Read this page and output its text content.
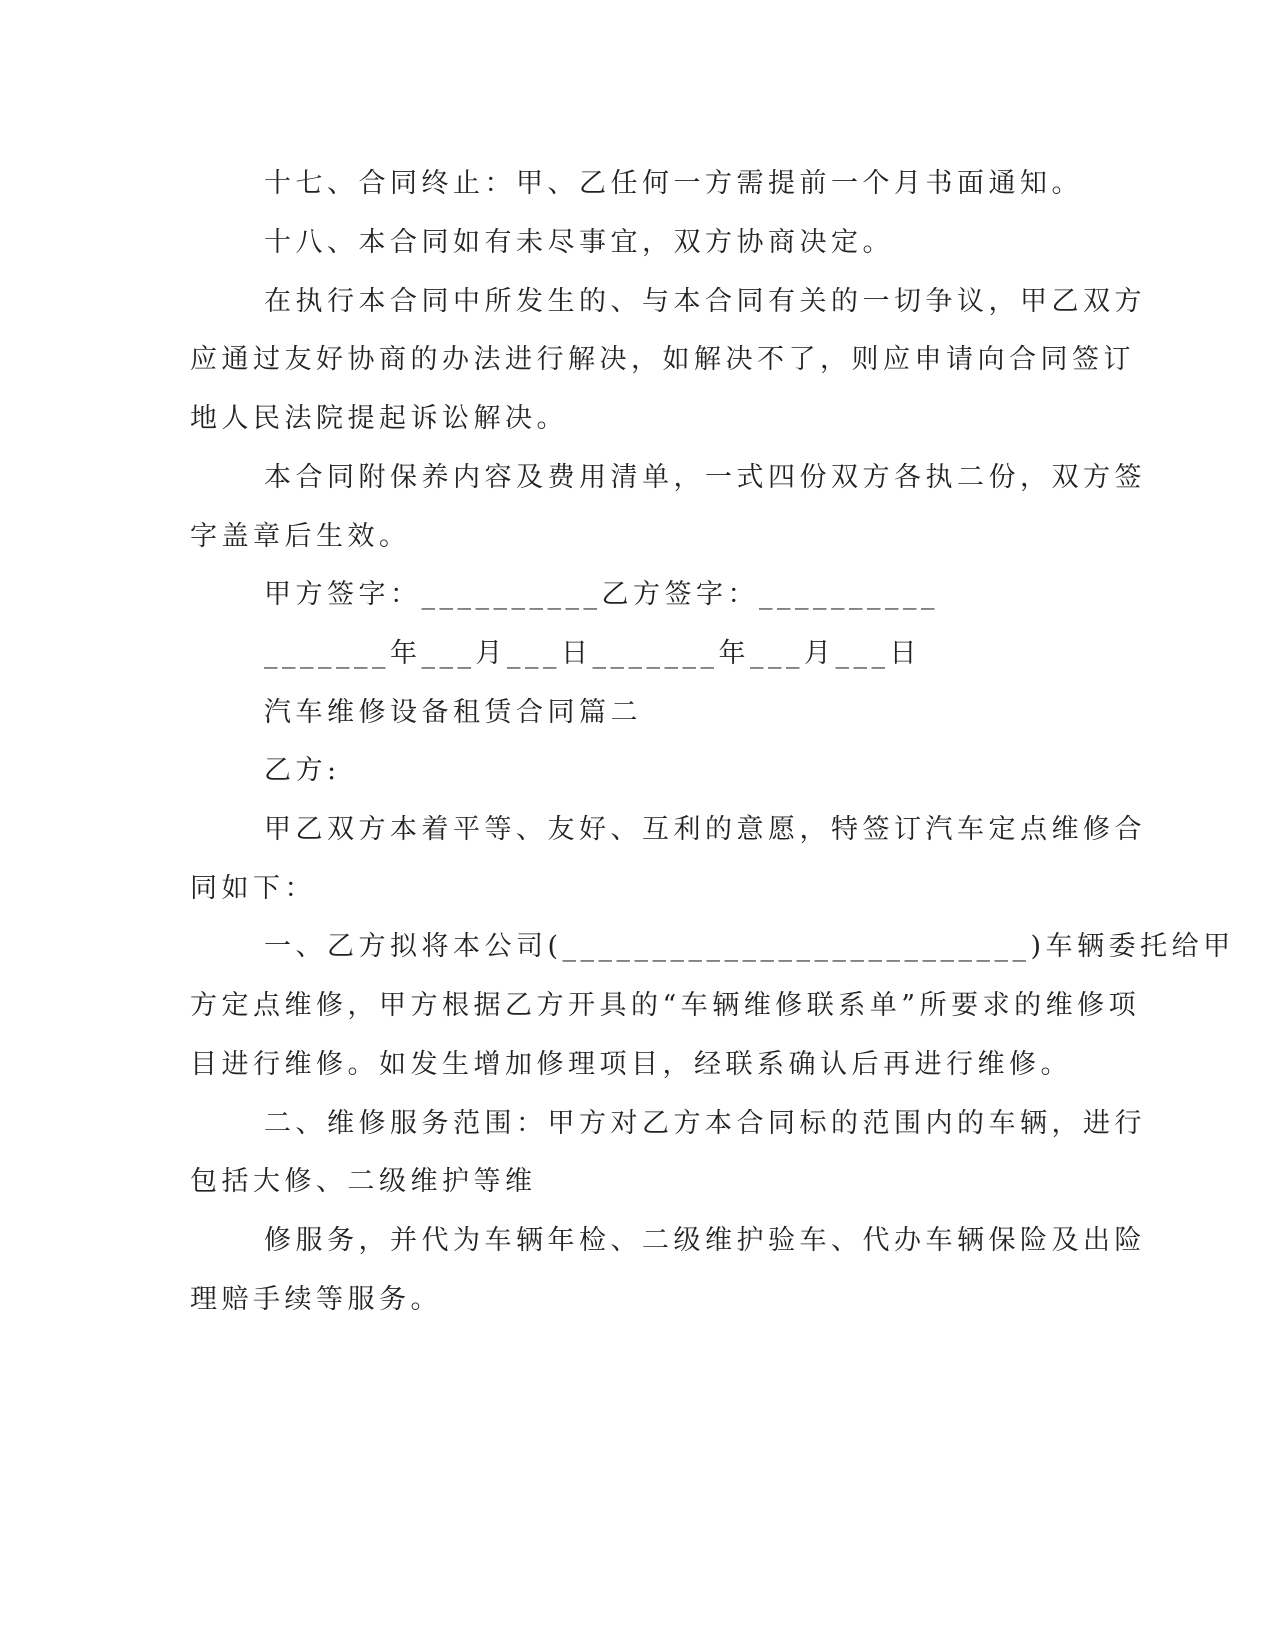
十七、合同终止：甲、乙任何一方需提前一个月书面通知。
十八、本合同如有未尽事宜，双方协商决定。
在执行本合同中所发生的、与本合同有关的一切争议，甲乙双方
应通过友好协商的办法进行解决，如解决不了，则应申请向合同签订
地人民法院提起诉讼解决。
本合同附保养内容及费用清单，一式四份双方各执二份，双方签
字盖章后生效。
甲方签字：__________乙方签字：__________
_______年___月___日_______年___月___日
汽车维修设备租赁合同篇二
乙方:
甲乙双方本着平等、友好、互利的意愿，特签订汽车定点维修合
同如下：
一、乙方拟将本公司(__________________________)车辆委托给甲
方定点维修，甲方根据乙方开具的“车辆维修联系单”所要求的维修项
目进行维修。如发生增加修理项目，经联系确认后再进行维修。
二、维修服务范围：甲方对乙方本合同标的范围内的车辆，进行
包括大修、二级维护等维
修服务，并代为车辆年检、二级维护验车、代办车辆保险及出险
理赔手续等服务。
